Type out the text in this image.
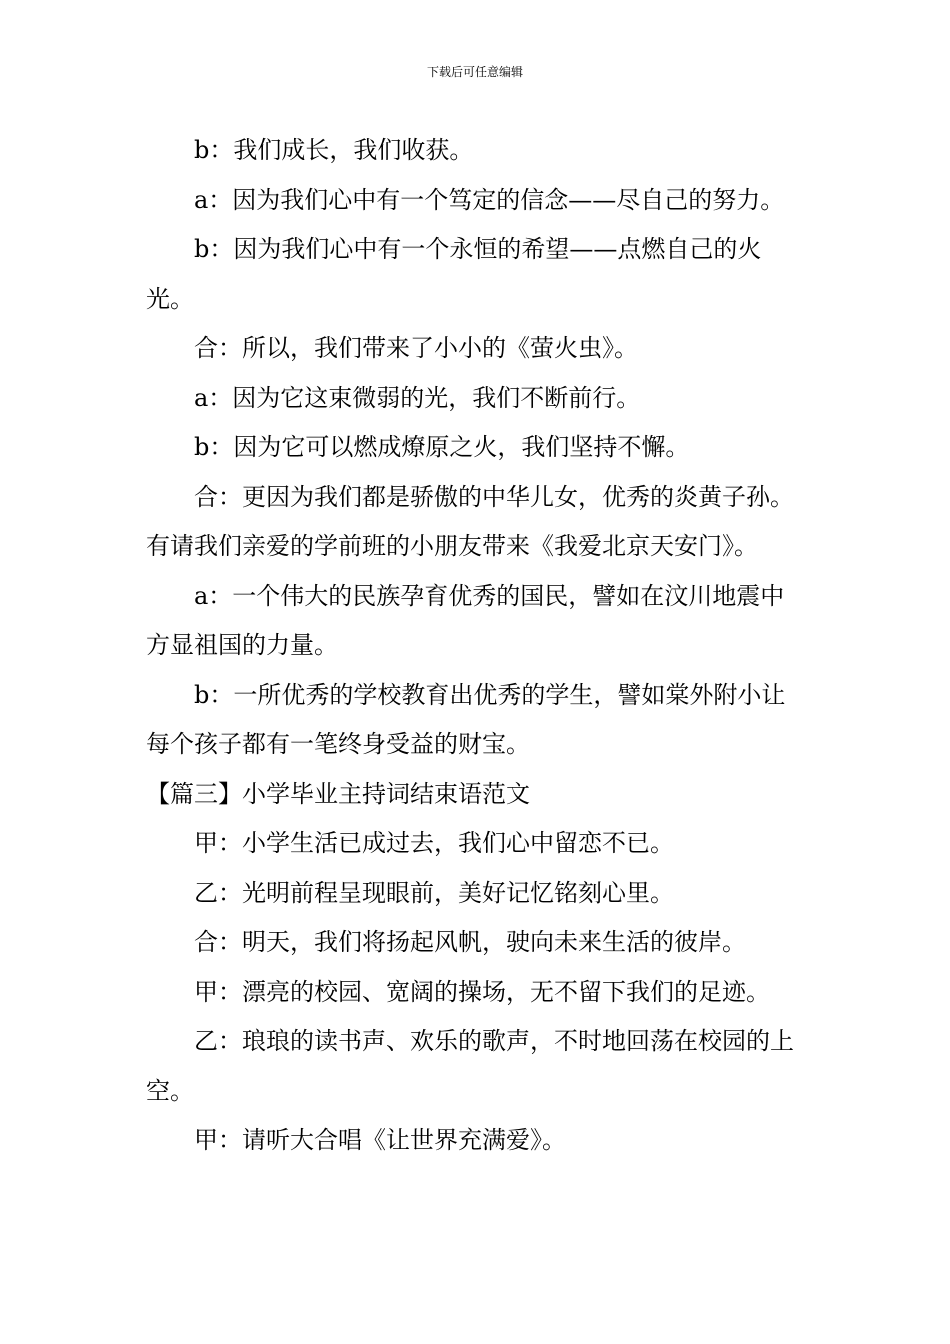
下载后可任意编辑

b：我们成长，我们收获。

a：因为我们心中有一个笃定的信念——尽自己的努力。

b：因为我们心中有一个永恒的希望——点燃自己的火光。

合：所以，我们带来了小小的《萤火虫》。

a：因为它这束微弱的光，我们不断前行。

b：因为它可以燃成燎原之火，我们坚持不懈。

合：更因为我们都是骄傲的中华儿女，优秀的炎黄子孙。有请我们亲爱的学前班的小朋友带来《我爱北京天安门》。

a：一个伟大的民族孕育优秀的国民，譬如在汶川地震中方显祖国的力量。

b：一所优秀的学校教育出优秀的学生，譬如棠外附小让每个孩子都有一笔终身受益的财宝。

【篇三】小学毕业主持词结束语范文

甲：小学生活已成过去，我们心中留恋不已。

乙：光明前程呈现眼前，美好记忆铭刻心里。

合：明天，我们将扬起风帆，驶向未来生活的彼岸。

甲：漂亮的校园、宽阔的操场，无不留下我们的足迹。

乙：琅琅的读书声、欢乐的歌声，不时地回荡在校园的上空。

甲：请听大合唱《让世界充满爱》。
